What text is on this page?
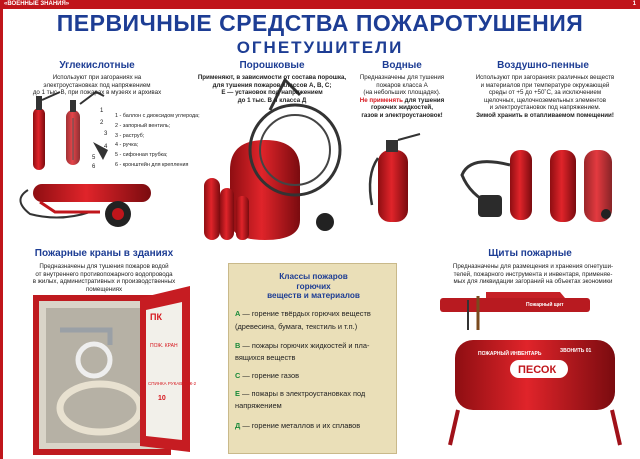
«ВОЕННЫЕ ЗНАНИЯ»	1
ПЕРВИЧНЫЕ СРЕДСТВА ПОЖАРОТУШЕНИЯ
ОГНЕТУШИТЕЛИ
ПК
ПОЖ. КРАН
СПИНКА РУКАВА ПК-2
10
ПОЖАРНЫЙ ИНВЕНТАРЬ	ЗВОНИТЬ 01
ПЕСОК
Пожарный щит
Углекислотные
Используют при загораниях на
электроустановках под напряжением
до 1 тыс. В, при пожарах в музеях и архивах
1 - баллон с диоксидом углерода;
2 - запорный вентиль;
3 - раструб;
4 - ручка;
5 - сифонная трубка;
6 - кронштейн для крепления
1
2
3
4
5
6
Порошковые
Применяют, в зависимости от состава порошка,
для тушения пожаров классов А, В, С;
Е — установок под напряжением
до 1 тыс. В и класса Д
Водные
Предназначены для тушения
пожаров класса А
(на небольших площадях).
Не применять для тушения
горючих жидкостей,
газов и электроустановок!
Воздушно-пенные
Используют при загораниях различных веществ
и материалов при температуре окружающей
среды от +5 до +50˚С, за исключением
щелочных, щелочноземельных элементов
и электроустановок под напряжением.
Зимой хранить в отапливаемом помещении!
Пожарные краны в зданиях
Предназначены для тушения пожаров водой
от внутреннего противопожарного водопровода
в жилых, административных и производственных
помещениях
Щиты пожарные
Предназначены для размещения и хранения огнетуши-
телей, пожарного инструмента и инвентаря, применяе-
мых для ликвидации загораний на объектах экономики
Классы пожаров
горючих
веществ и материалов
А — горение твёрдых горючих веществ
(древесина, бумага, текстиль и т.п.)
В — пожары горючих жидкостей и пла-
вящихся веществ
С — горение газов
Е — пожары в электроустановках под
напряжением
Д — горение металлов и их сплавов
